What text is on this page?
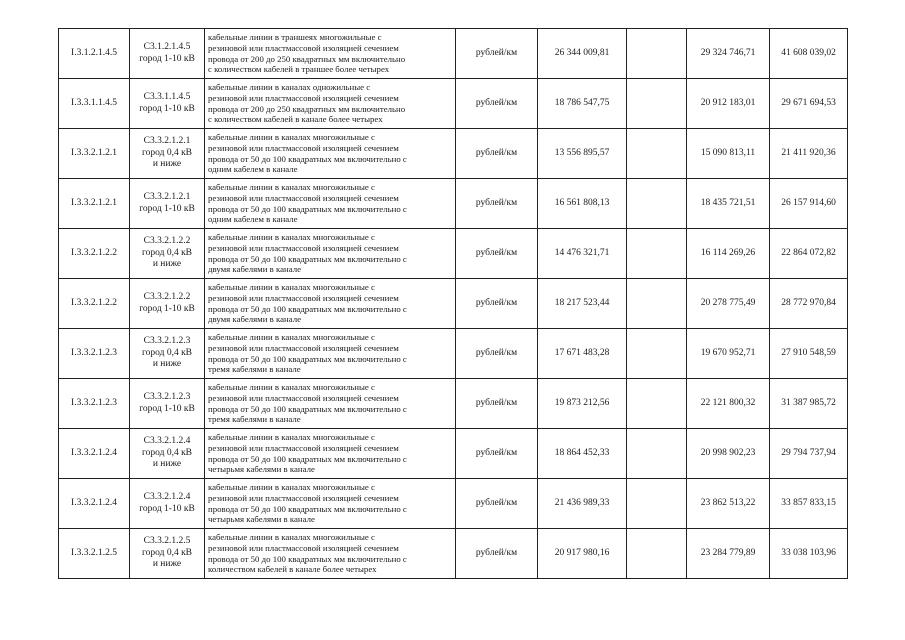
I.3.1.2.1.4.5	С3.1.2.1.4.5
город 1-10 кВ	кабельные линии в траншеях многожильные с
резиновой или пластмассовой изоляцией сечением
провода от 200 до 250 квадратных мм включительно
с количеством кабелей в траншее более четырех	рублей/км	26 344 009,81		29 324 746,71	41 608 039,02

I.3.3.1.1.4.5	С3.3.1.1.4.5
город 1-10 кВ	кабельные линии в каналах одножильные с
резиновой или пластмассовой изоляцией сечением
провода от 200 до 250 квадратных мм включительно
с количеством кабелей в канале более четырех	рублей/км	18 786 547,75		20 912 183,01	29 671 694,53

I.3.3.2.1.2.1	С3.3.2.1.2.1
город 0,4 кВ
и ниже	кабельные линии в каналах многожильные с
резиновой или пластмассовой изоляцией сечением
провода от 50 до 100 квадратных мм включительно с
одним кабелем в канале	рублей/км	13 556 895,57		15 090 813,11	21 411 920,36

I.3.3.2.1.2.1	С3.3.2.1.2.1
город 1-10 кВ	кабельные линии в каналах многожильные с
резиновой или пластмассовой изоляцией сечением
провода от 50 до 100 квадратных мм включительно с
одним кабелем в канале	рублей/км	16 561 808,13		18 435 721,51	26 157 914,60

I.3.3.2.1.2.2	С3.3.2.1.2.2
город 0,4 кВ
и ниже	кабельные линии в каналах многожильные с
резиновой или пластмассовой изоляцией сечением
провода от 50 до 100 квадратных мм включительно с
двумя кабелями в канале	рублей/км	14 476 321,71		16 114 269,26	22 864 072,82

I.3.3.2.1.2.2	С3.3.2.1.2.2
город 1-10 кВ	кабельные линии в каналах многожильные с
резиновой или пластмассовой изоляцией сечением
провода от 50 до 100 квадратных мм включительно с
двумя кабелями в канале	рублей/км	18 217 523,44		20 278 775,49	28 772 970,84

I.3.3.2.1.2.3	С3.3.2.1.2.3
город 0,4 кВ
и ниже	кабельные линии в каналах многожильные с
резиновой или пластмассовой изоляцией сечением
провода от 50 до 100 квадратных мм включительно с
тремя кабелями в канале	рублей/км	17 671 483,28		19 670 952,71	27 910 548,59

I.3.3.2.1.2.3	С3.3.2.1.2.3
город 1-10 кВ	кабельные линии в каналах многожильные с
резиновой или пластмассовой изоляцией сечением
провода от 50 до 100 квадратных мм включительно с
тремя кабелями в канале	рублей/км	19 873 212,56		22 121 800,32	31 387 985,72

I.3.3.2.1.2.4	С3.3.2.1.2.4
город 0,4 кВ
и ниже	кабельные линии в каналах многожильные с
резиновой или пластмассовой изоляцией сечением
провода от 50 до 100 квадратных мм включительно с
четырьмя кабелями в канале	рублей/км	18 864 452,33		20 998 902,23	29 794 737,94

I.3.3.2.1.2.4	С3.3.2.1.2.4
город 1-10 кВ	кабельные линии в каналах многожильные с
резиновой или пластмассовой изоляцией сечением
провода от 50 до 100 квадратных мм включительно с
четырьмя кабелями в канале	рублей/км	21 436 989,33		23 862 513,22	33 857 833,15

I.3.3.2.1.2.5	С3.3.2.1.2.5
город 0,4 кВ
и ниже	кабельные линии в каналах многожильные с
резиновой или пластмассовой изоляцией сечением
провода от 50 до 100 квадратных мм включительно с
количеством кабелей в канале более четырех	рублей/км	20 917 980,16		23 284 779,89	33 038 103,96
